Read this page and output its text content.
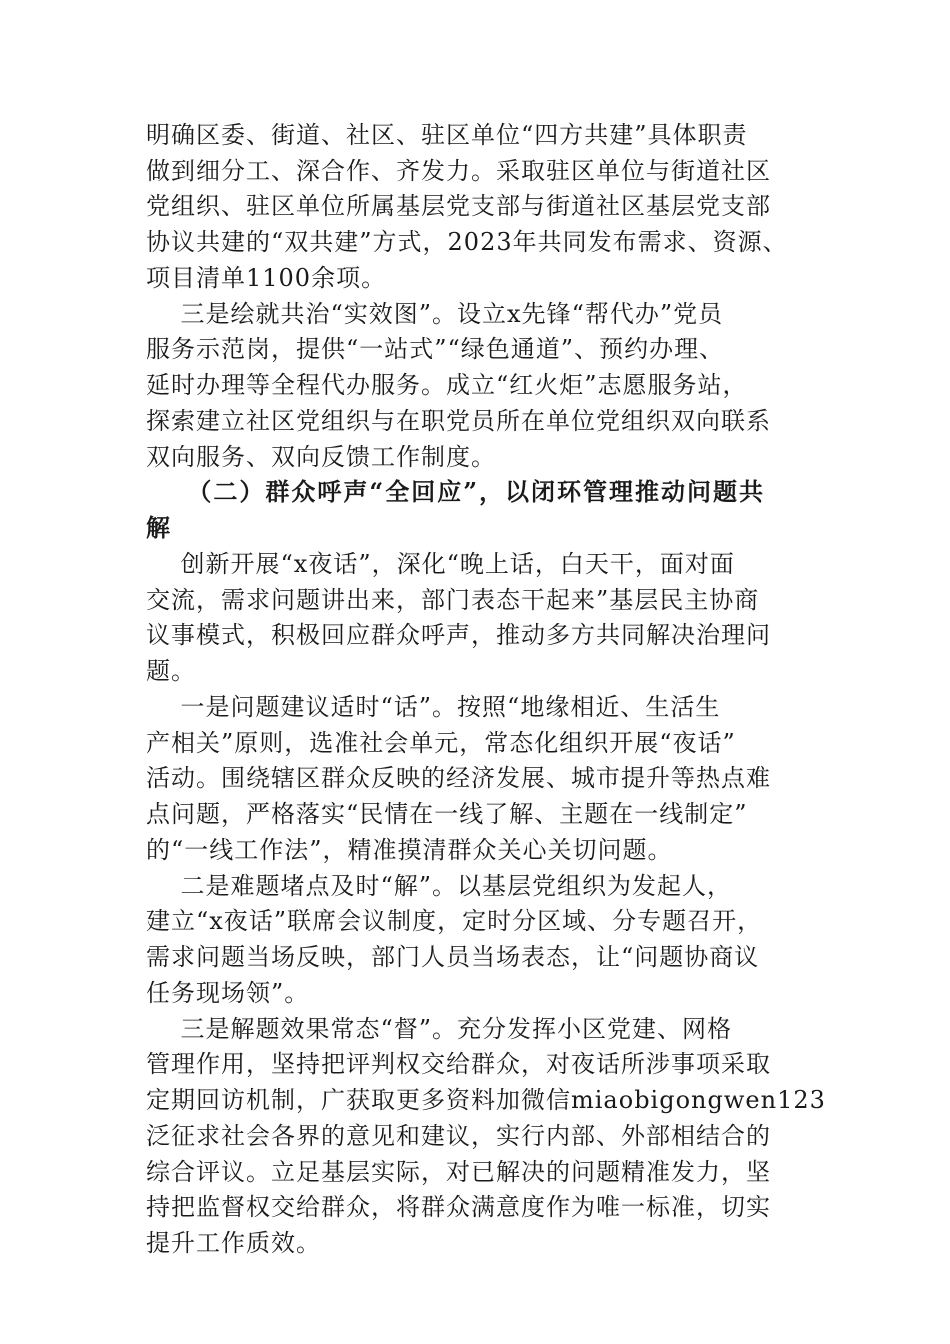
明确区委、街道、社区、驻区单位“四方共建”具体职责
做到细分工、深合作、齐发力。采取驻区单位与街道社区
党组织、驻区单位所属基层党支部与街道社区基层党支部
协议共建的“双共建”方式，2023年共同发布需求、资源、
项目清单1100余项。
三是绘就共治“实效图”。设立x先锋“帮代办”党员
服务示范岗，提供“一站式”“绿色通道”、预约办理、
延时办理等全程代办服务。成立“红火炬”志愿服务站，
探索建立社区党组织与在职党员所在单位党组织双向联系
双向服务、双向反馈工作制度。
（二）群众呼声“全回应”，以闭环管理推动问题共
解
创新开展“x夜话”，深化“晚上话，白天干，面对面
交流，需求问题讲出来，部门表态干起来”基层民主协商
议事模式，积极回应群众呼声，推动多方共同解决治理问
题。
一是问题建议适时“话”。按照“地缘相近、生活生
产相关”原则，选准社会单元，常态化组织开展“夜话”
活动。围绕辖区群众反映的经济发展、城市提升等热点难
点问题，严格落实“民情在一线了解、主题在一线制定”
的“一线工作法”，精准摸清群众关心关切问题。
二是难题堵点及时“解”。以基层党组织为发起人，
建立“x夜话”联席会议制度，定时分区域、分专题召开，
需求问题当场反映，部门人员当场表态，让“问题协商议
任务现场领”。
三是解题效果常态“督”。充分发挥小区党建、网格
管理作用，坚持把评判权交给群众，对夜话所涉事项采取
定期回访机制，广获取更多资料加微信miaobigongwen123
泛征求社会各界的意见和建议，实行内部、外部相结合的
综合评议。立足基层实际，对已解决的问题精准发力，坚
持把监督权交给群众，将群众满意度作为唯一标准，切实
提升工作质效。
